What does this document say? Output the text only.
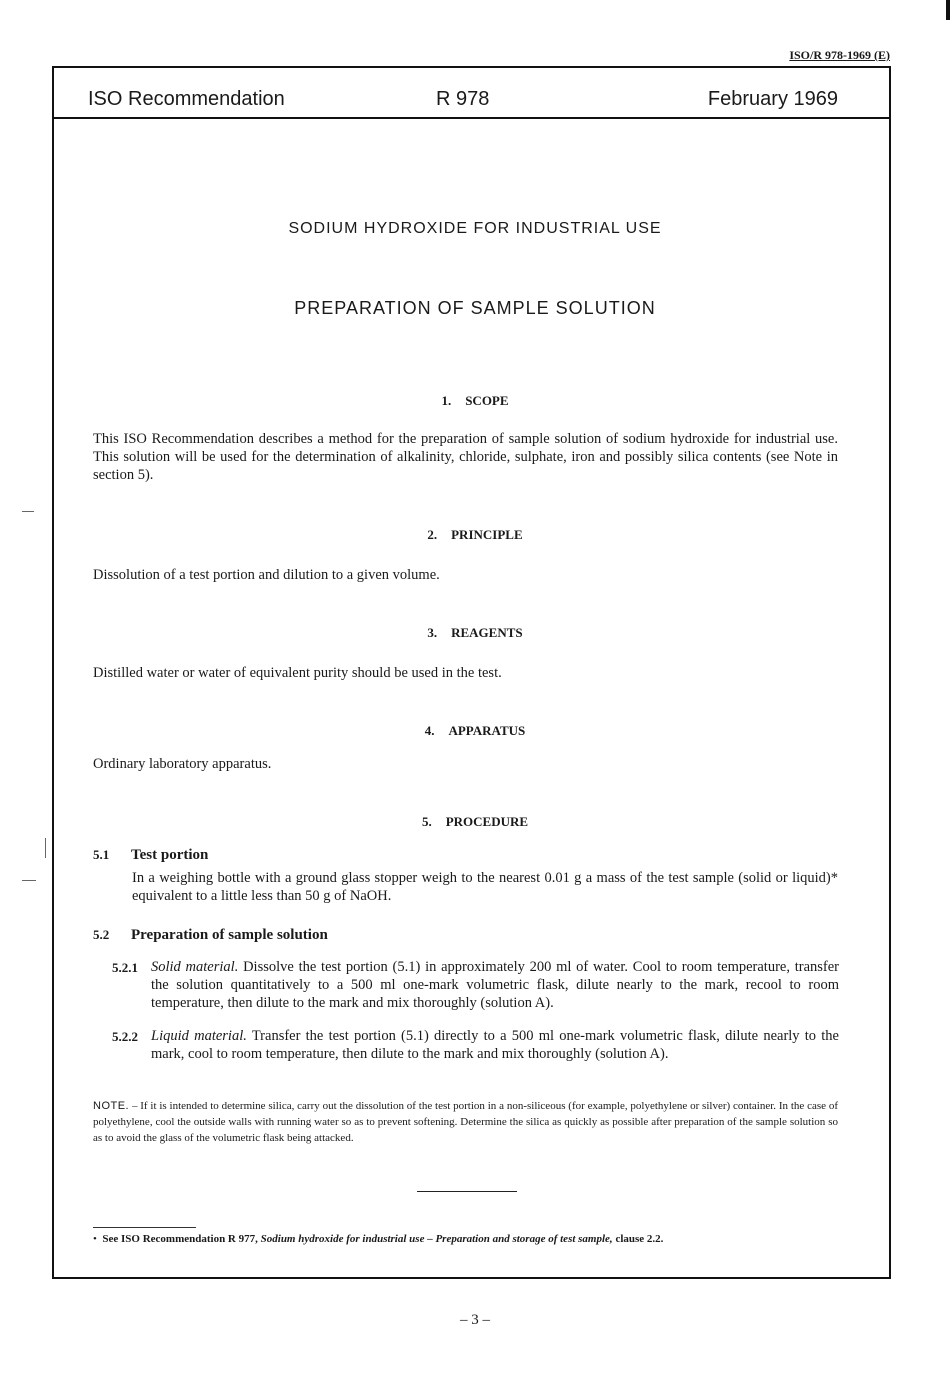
ISO/R 978-1969 (E)
ISO Recommendation	R 978	February 1969
SODIUM HYDROXIDE FOR INDUSTRIAL USE
PREPARATION OF SAMPLE SOLUTION
1. SCOPE
This ISO Recommendation describes a method for the preparation of sample solution of sodium hydroxide for industrial use. This solution will be used for the determination of alkalinity, chloride, sulphate, iron and possibly silica contents (see Note in section 5).
2. PRINCIPLE
Dissolution of a test portion and dilution to a given volume.
3. REAGENTS
Distilled water or water of equivalent purity should be used in the test.
4. APPARATUS
Ordinary laboratory apparatus.
5. PROCEDURE
5.1 Test portion
In a weighing bottle with a ground glass stopper weigh to the nearest 0.01 g a mass of the test sample (solid or liquid)* equivalent to a little less than 50 g of NaOH.
5.2 Preparation of sample solution
5.2.1 Solid material. Dissolve the test portion (5.1) in approximately 200 ml of water. Cool to room temperature, transfer the solution quantitatively to a 500 ml one-mark volumetric flask, dilute nearly to the mark, recool to room temperature, then dilute to the mark and mix thoroughly (solution A).
5.2.2 Liquid material. Transfer the test portion (5.1) directly to a 500 ml one-mark volumetric flask, dilute nearly to the mark, cool to room temperature, then dilute to the mark and mix thoroughly (solution A).
NOTE. – If it is intended to determine silica, carry out the dissolution of the test portion in a non-siliceous (for example, polyethylene or silver) container. In the case of polyethylene, cool the outside walls with running water so as to prevent softening. Determine the silica as quickly as possible after preparation of the sample solution so as to avoid the glass of the volumetric flask being attacked.
• See ISO Recommendation R 977, Sodium hydroxide for industrial use – Preparation and storage of test sample, clause 2.2.
– 3 –
